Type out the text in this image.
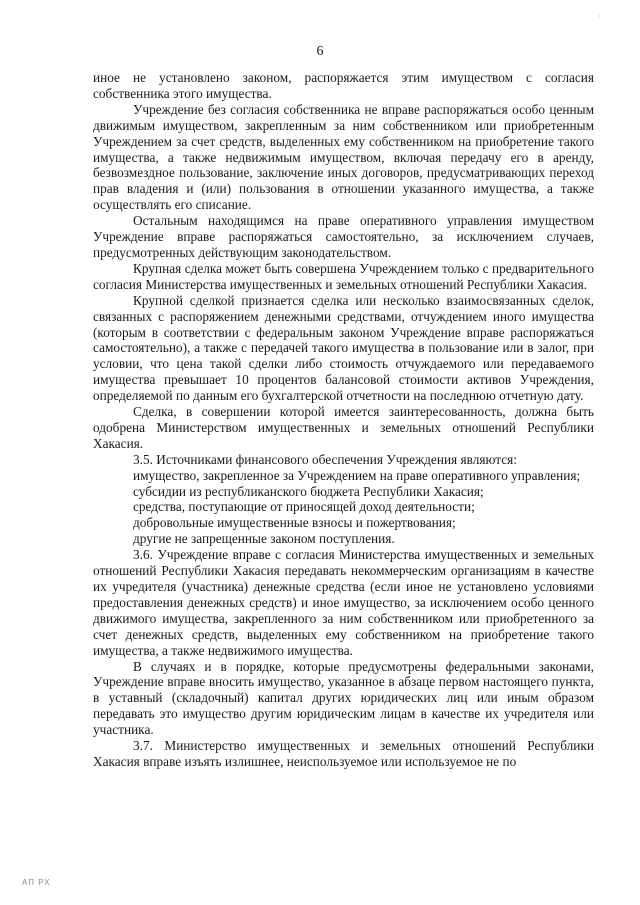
·
6

иное не установлено законом, распоряжается этим имуществом с согласия собственника этого имущества.

Учреждение без согласия собственника не вправе распоряжаться особо ценным движимым имуществом, закрепленным за ним собственником или приобретенным Учреждением за счет средств, выделенных ему собственником на приобретение такого имущества, а также недвижимым имуществом, включая передачу его в аренду, безвозмездное пользование, заключение иных договоров, предусматривающих переход прав владения и (или) пользования в отношении указанного имущества, а также осуществлять его списание.

Остальным находящимся на праве оперативного управления имуществом Учреждение вправе распоряжаться самостоятельно, за исключением случаев, предусмотренных действующим законодательством.

Крупная сделка может быть совершена Учреждением только с предварительного согласия Министерства имущественных и земельных отношений Республики Хакасия.

Крупной сделкой признается сделка или несколько взаимосвязанных сделок, связанных с распоряжением денежными средствами, отчуждением иного имущества (которым в соответствии с федеральным законом Учреждение вправе распоряжаться самостоятельно), а также с передачей такого имущества в пользование или в залог, при условии, что цена такой сделки либо стоимость отчуждаемого или передаваемого имущества превышает 10 процентов балансовой стоимости активов Учреждения, определяемой по данным его бухгалтерской отчетности на последнюю отчетную дату.

Сделка, в совершении которой имеется заинтересованность, должна быть одобрена Министерством имущественных и земельных отношений Республики Хакасия.

3.5. Источниками финансового обеспечения Учреждения являются:

имущество, закрепленное за Учреждением на праве оперативного управления;

субсидии из республиканского бюджета Республики Хакасия;

средства, поступающие от приносящей доход деятельности;

добровольные имущественные взносы и пожертвования;

другие не запрещенные законом поступления.

3.6. Учреждение вправе с согласия Министерства имущественных и земельных отношений Республики Хакасия передавать некоммерческим организациям в качестве их учредителя (участника) денежные средства (если иное не установлено условиями предоставления денежных средств) и иное имущество, за исключением особо ценного движимого имущества, закрепленного за ним собственником или приобретенного за счет денежных средств, выделенных ему собственником на приобретение такого имущества, а также недвижимого имущества.

В случаях и в порядке, которые предусмотрены федеральными законами, Учреждение вправе вносить имущество, указанное в абзаце первом настоящего пункта, в уставный (складочный) капитал других юридических лиц или иным образом передавать это имущество другим юридическим лицам в качестве их учредителя или участника.

3.7. Министерство имущественных и земельных отношений Республики Хакасия вправе изъять излишнее, неиспользуемое или используемое не по

АП РХ
